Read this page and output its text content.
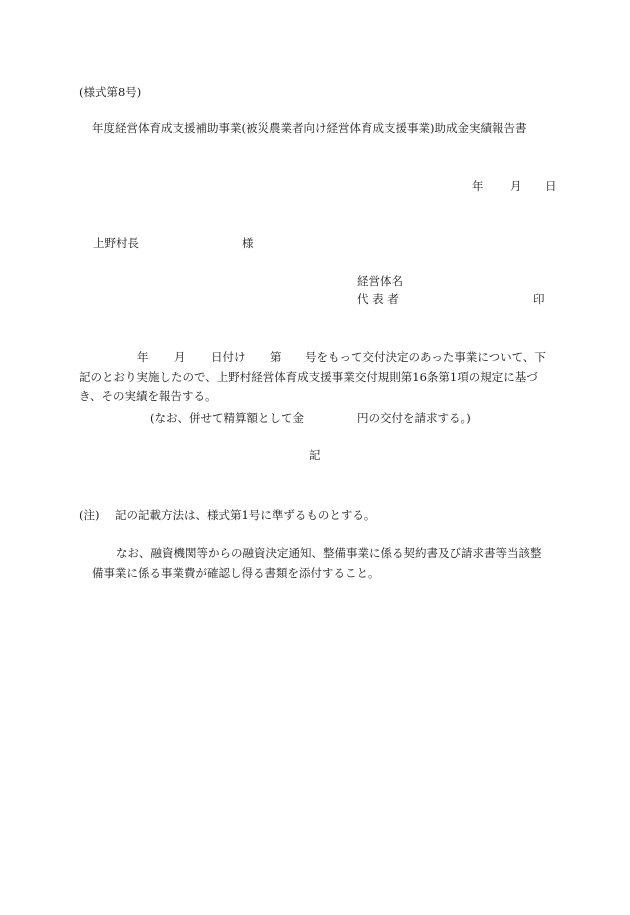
(様式第8号)
年度経営体育成支援補助事業(被災農業者向け経営体育成支援事業)助成金実績報告書
年 月 日
上野村長	様
経営体名
代 表 者	印
年 月 日付け 第 号をもって交付決定のあった事業について、下
記のとおり実施したので、上野村経営体育成支援事業交付規則第16条第1項の規定に基づ
き、その実績を報告する。
(なお、併せて精算額として金	円の交付を請求する。)
記
(注) 記の記載方法は、様式第1号に準ずるものとする。
なお、融資機関等からの融資決定通知、整備事業に係る契約書及び請求書等当該整
備事業に係る事業費が確認し得る書類を添付すること。
